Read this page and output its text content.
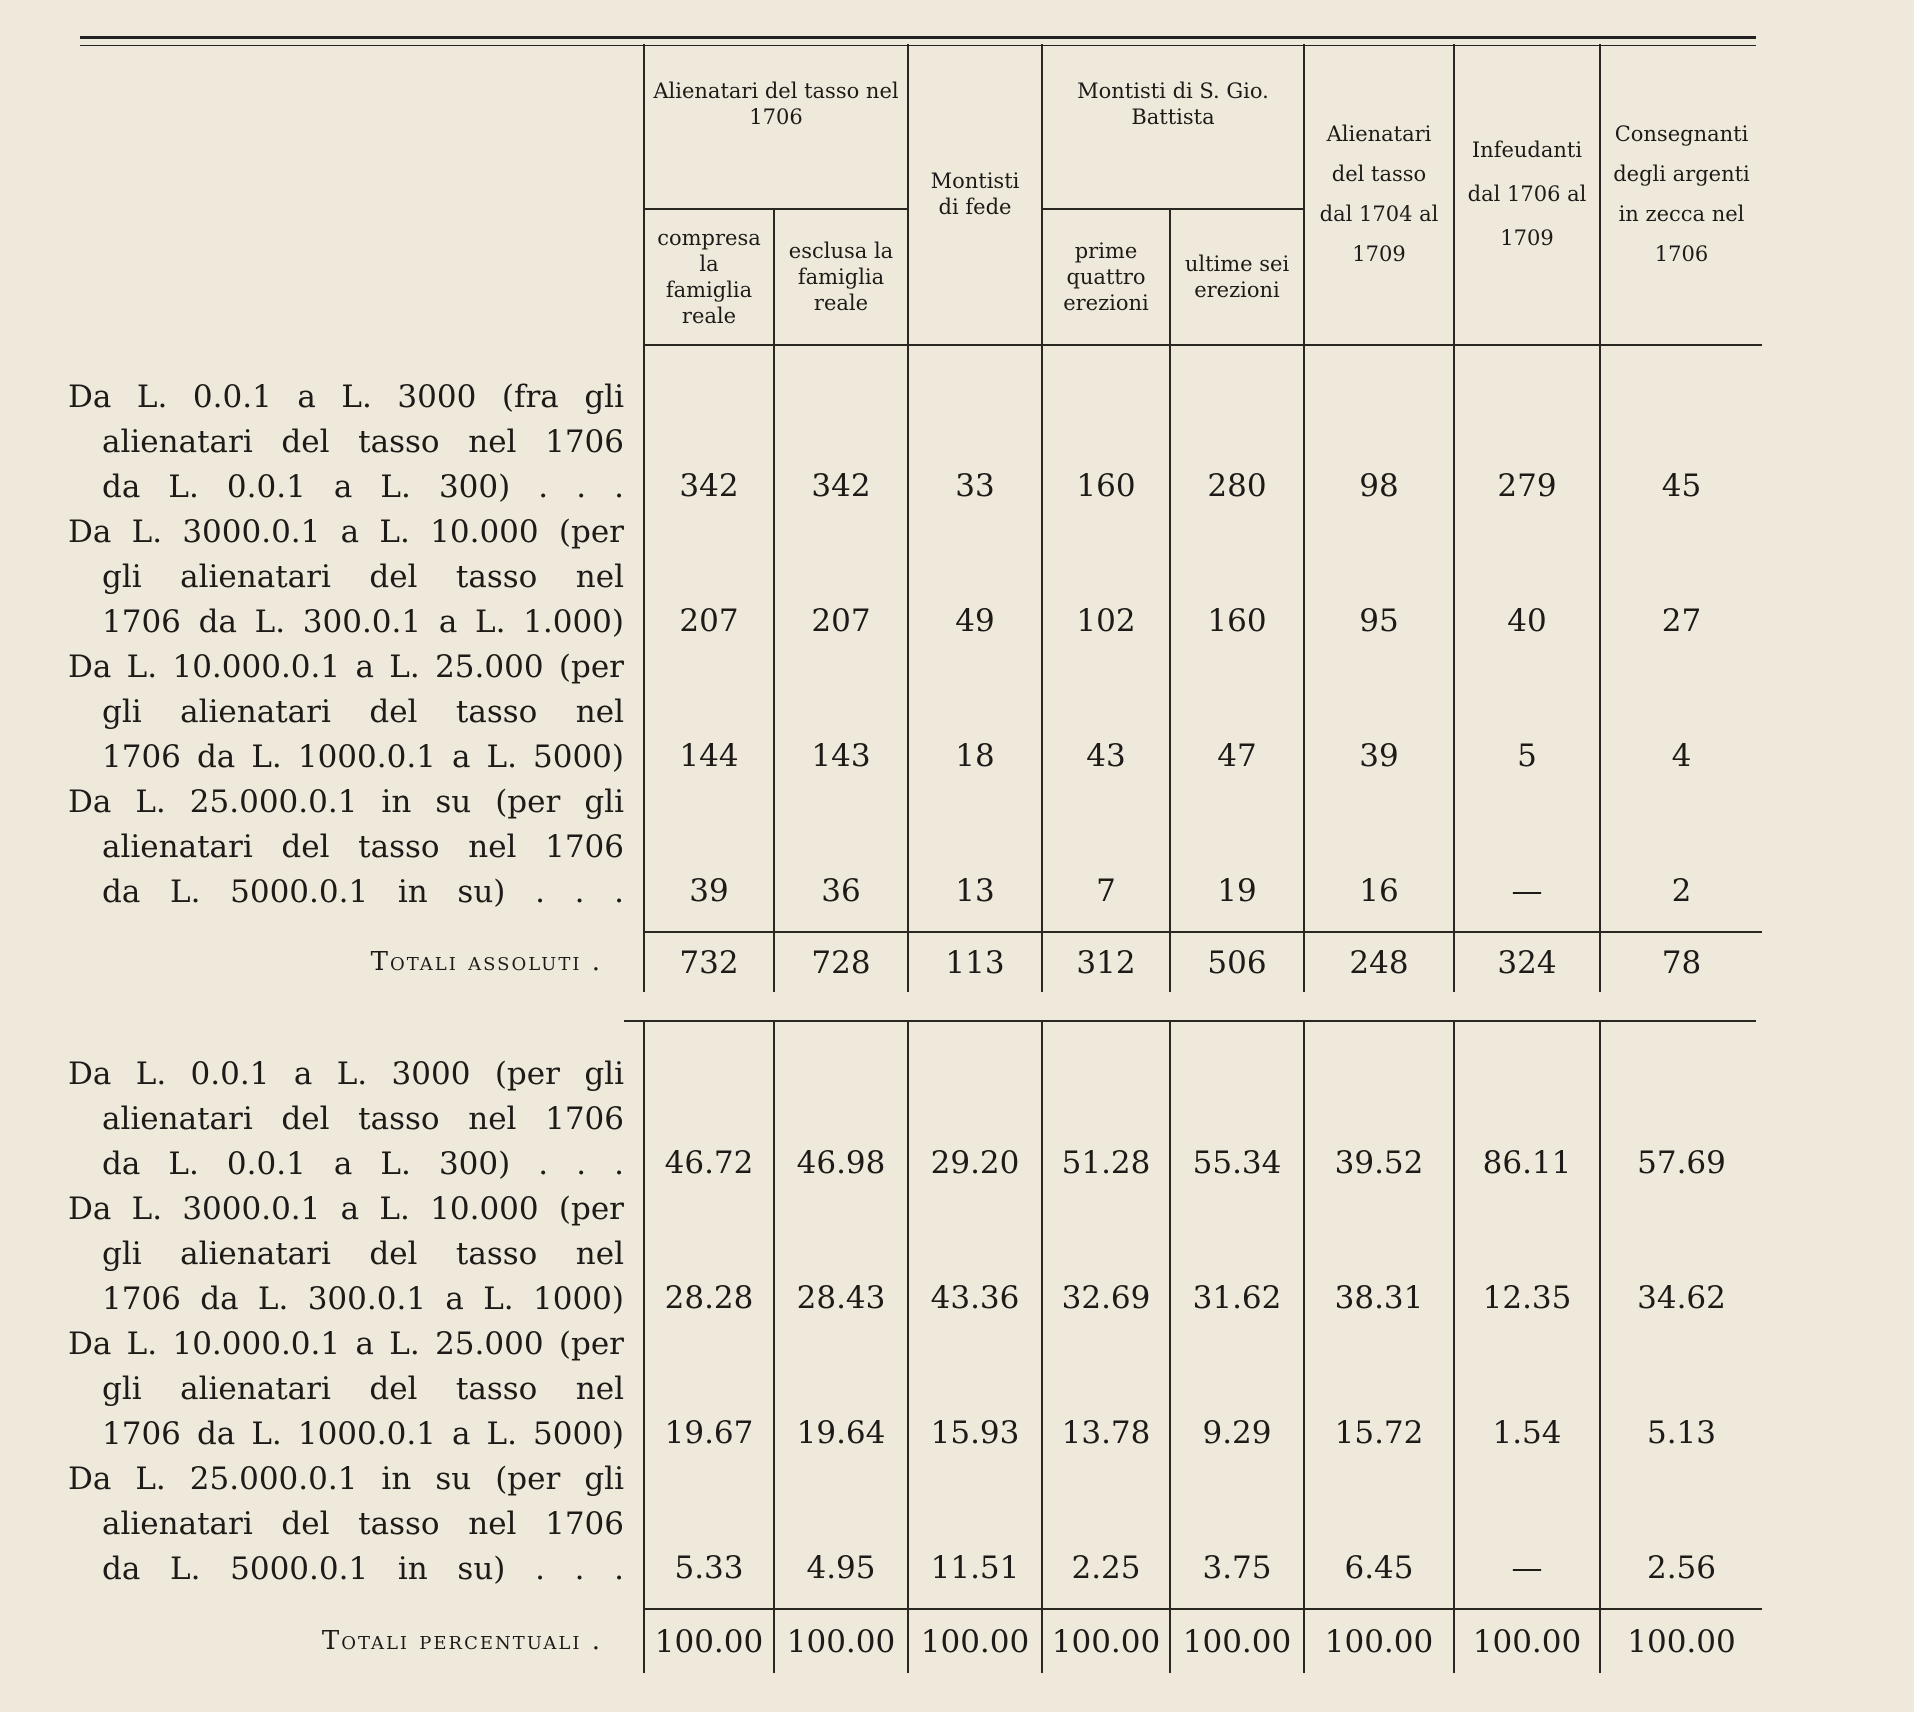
		Alienatari del tasso nel 1706		Montisti di fede	Montisti di S. Gio. Battista		Alienatari del tasso dal 1704 al 1709	Infeudanti dal 1706 al 1709	Consegnanti degli argenti in zecca nel 1706
		compresa la famiglia reale	esclusa la famiglia reale		prime quattro erezioni	ultime sei erezioni			

Da L. 0.0.1 a L. 3000 (fra gli
alienatari del tasso nel 1706
da L. 0.0.1 a L. 300) . . .		342	342	33	160	280	98	279	45

Da L. 3000.0.1 a L. 10.000 (per
gli alienatari del tasso nel
1706 da L. 300.0.1 a L. 1.000)		207	207	49	102	160	95	40	27

Da L. 10.000.0.1 a L. 25.000 (per
gli alienatari del tasso nel
1706 da L. 1000.0.1 a L. 5000)		144	143	18	43	47	39	5	4

Da L. 25.000.0.1 in su (per gli
alienatari del tasso nel 1706
da L. 5000.0.1 in su) . . .		39	36	13	7	19	16	—	2

Totali assoluti .		732	728	113	312	506	248	324	78

Da L. 0.0.1 a L. 3000 (per gli
alienatari del tasso nel 1706
da L. 0.0.1 a L. 300) . . .		46.72	46.98	29.20	51.28	55.34	39.52	86.11	57.69

Da L. 3000.0.1 a L. 10.000 (per
gli alienatari del tasso nel
1706 da L. 300.0.1 a L. 1000)		28.28	28.43	43.36	32.69	31.62	38.31	12.35	34.62

Da L. 10.000.0.1 a L. 25.000 (per
gli alienatari del tasso nel
1706 da L. 1000.0.1 a L. 5000)		19.67	19.64	15.93	13.78	9.29	15.72	1.54	5.13

Da L. 25.000.0.1 in su (per gli
alienatari del tasso nel 1706
da L. 5000.0.1 in su) . . .		5.33	4.95	11.51	2.25	3.75	6.45	—	2.56

Totali percentuali .		100.00	100.00	100.00	100.00	100.00	100.00	100.00	100.00
